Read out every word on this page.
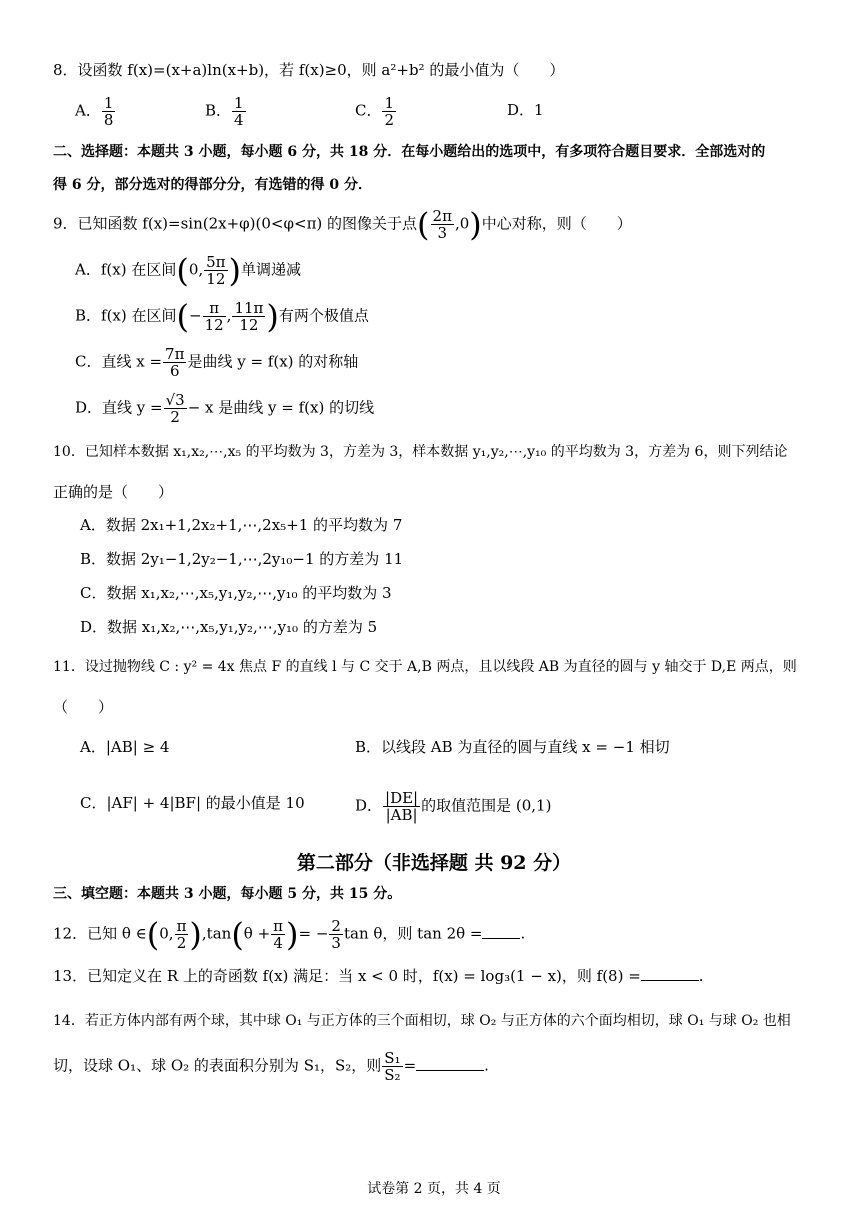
8．设函数 f(x)=(x+a)ln(x+b)，若 f(x)≥0，则 a²+b² 的最小值为（　　）
A． $\frac{1}{8}$	B． $\frac{1}{4}$	C． $\frac{1}{2}$	D．1
二、选择题：本题共 3 小题，每小题 6 分，共 18 分．在每小题给出的选项中，有多项符合题目要求．全部选对的
得 6 分，部分选对的得部分分，有选错的得 0 分．
9．已知函数 f(x)=sin(2x+φ)(0<φ<π) 的图像关于点( $\frac{2\pi}{3} ,0$)中心对称，则（　　）
A．f(x) 在区间(0, $\frac{5\pi}{12}$ )单调递减
B．f(x) 在区间(− $\frac{\pi}{12}$ , $\frac{11\pi}{12}$ )有两个极值点
C．直线 $x = \frac{7\pi}{6}$ 是曲线 y = f(x) 的对称轴
D．直线 $y = \frac{√3}{2} - x$ 是曲线 y = f(x) 的切线
10．已知样本数据 x₁,x₂,⋯,x₅ 的平均数为 3，方差为 3，样本数据 y₁,y₂,⋯,y₁₀ 的平均数为 3，方差为 6，则下列结论
正确的是（　　）
A．数据 2x₁+1,2x₂+1,⋯,2x₅+1 的平均数为 7
B．数据 2y₁−1,2y₂−1,⋯,2y₁₀−1 的方差为 11
C．数据 x₁,x₂,⋯,x₅,y₁,y₂,⋯,y₁₀ 的平均数为 3
D．数据 x₁,x₂,⋯,x₅,y₁,y₂,⋯,y₁₀ 的方差为 5
11．设过抛物线 C : y² = 4x 焦点 F 的直线 l 与 C 交于 A,B 两点，且以线段 AB 为直径的圆与 y 轴交于 D,E 两点，则
（　　）
A．|AB| ≥ 4	B．以线段 AB 为直径的圆与直线 x = −1 相切
C．|AF| + 4|BF| 的最小值是 10	D． $\frac{|DE|}{|AB|}$ 的取值范围是 (0,1)
第二部分（非选择题 共 92 分）
三、填空题：本题共 3 小题，每小题 5 分，共 15 分。
12．已知 θ ∈(0, $\frac{\pi}{2} ),\tan(\theta + \frac{\pi}{4}$ )= − $\frac{2}{3}$ tan θ，则 tan 2θ =	.
13．已知定义在 R 上的奇函数 f(x) 满足：当 x < 0 时，f(x) = log₃(1 − x)，则 f(8) =	.
14．若正方体内部有两个球，其中球 O₁ 与正方体的三个面相切，球 O₂ 与正方体的六个面均相切，球 O₁ 与球 O₂ 也相
切，设球 O₁、球 O₂ 的表面积分别为 S₁，S₂，则 $\frac{\text{S₁}}{\text{S₂}}$ =	.
试卷第 2 页，共 4 页
